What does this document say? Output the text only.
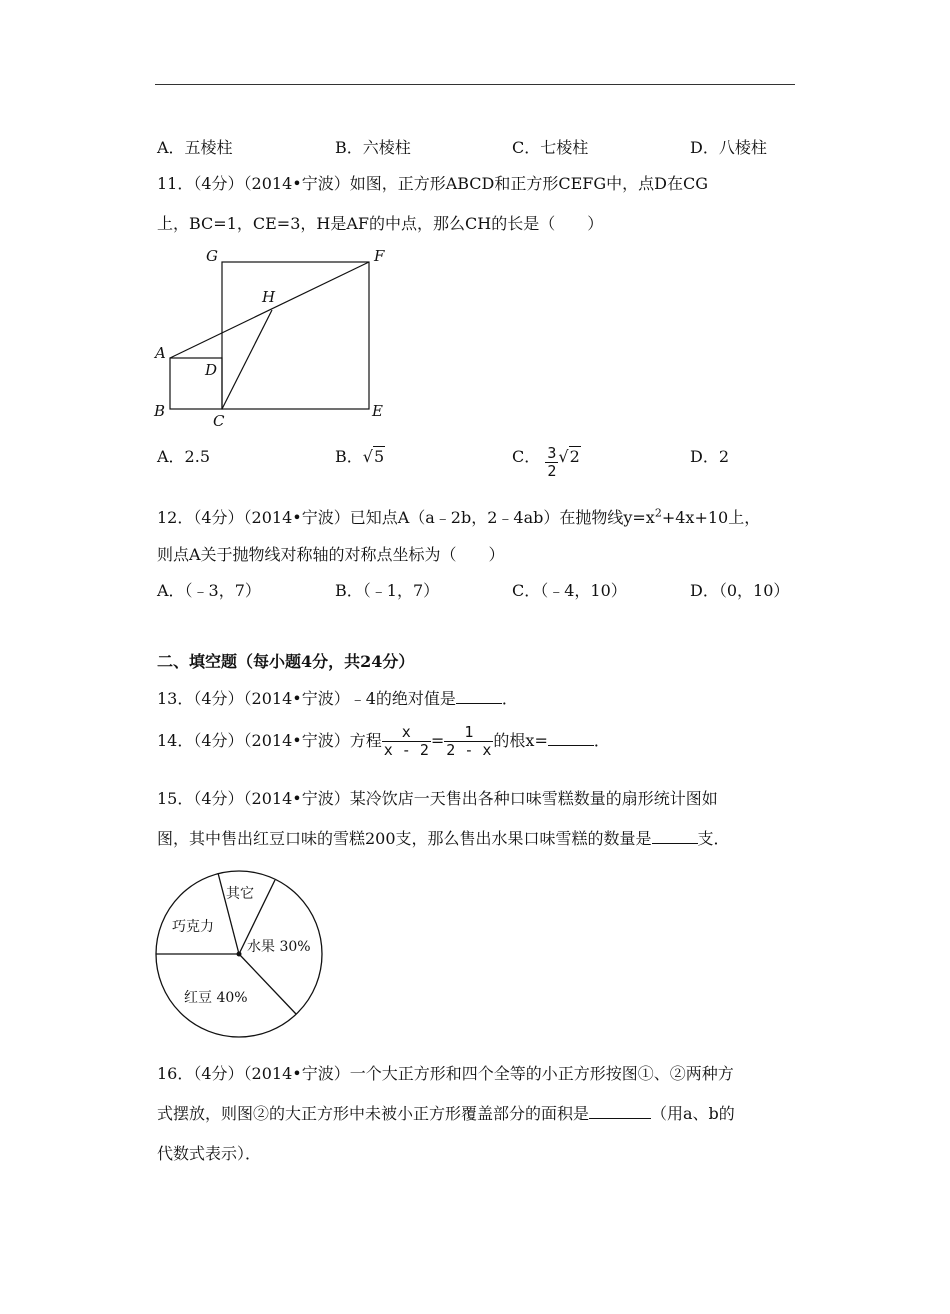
A．五棱柱	B．六棱柱	C．七棱柱	D．八棱柱
11．（4分）（2014•宁波）如图，正方形ABCD和正方形CEFG中，点D在CG
上，BC=1，CE=3，H是AF的中点，那么CH的长是（　　）
G	F
H
A
D
B
C
E
A．2.5	B．√5	C． $\frac{3}{2} √2$	D．2
12．（4分）（2014•宁波）已知点A（a﹣2b，2﹣4ab）在抛物线$y=x^2+4x+10$上，
则点A关于抛物线对称轴的对称点坐标为（　　）
A．（﹣3，7）	B．（﹣1，7）	C．（﹣4，10）	D．（0，10）
二、填空题（每小题4分，共24分）
13．（4分）（2014•宁波）﹣4的绝对值是	．
14．（4分）（2014•宁波）方程 $\frac{x}{x - 2} = \frac{1}{2 - x}$ 的根x=	．
15．（4分）（2014•宁波）某冷饮店一天售出各种口味雪糕数量的扇形统计图如
图，其中售出红豆口味的雪糕200支，那么售出水果口味雪糕的数量是	支．
其它
巧克力
水果 30%
红豆 40%
16．（4分）（2014•宁波）一个大正方形和四个全等的小正方形按图①、②两种方
式摆放，则图②的大正方形中未被小正方形覆盖部分的面积是	（用a、b的
代数式表示）．
